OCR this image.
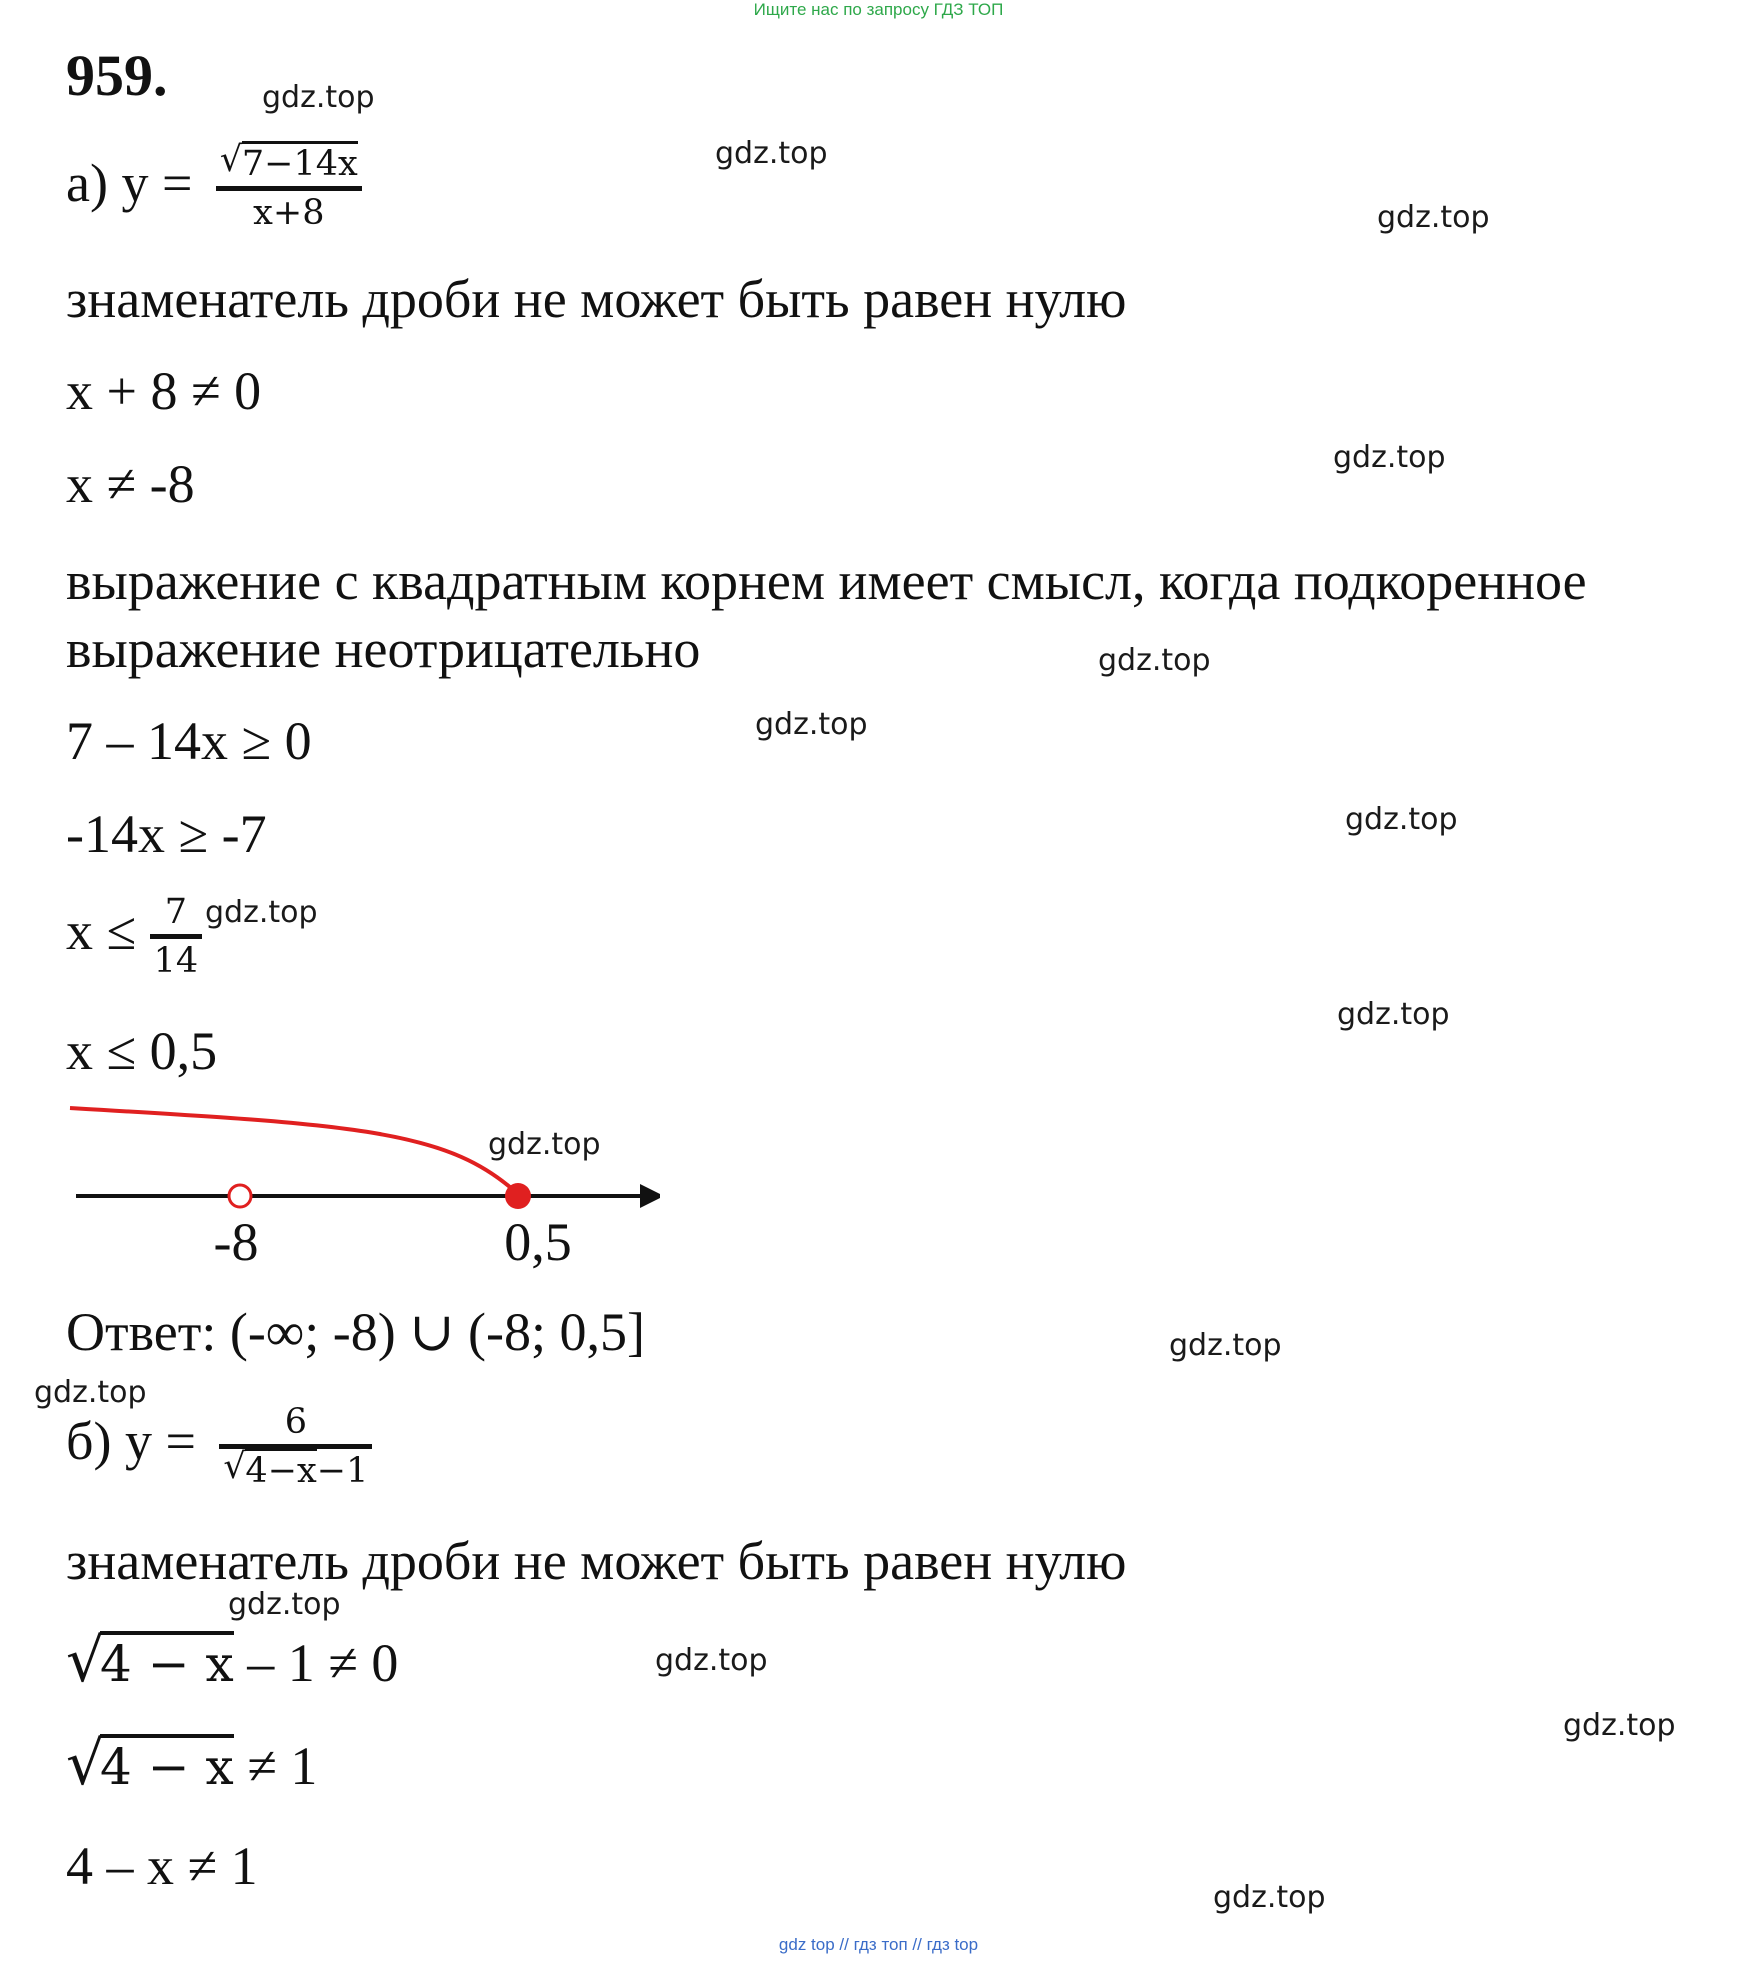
Ищите нас по запросу ГДЗ ТОП
959.
а) y = √ 7−14x
x+8
знаменатель дроби не может быть равен нулю
x + 8 ≠ 0
x ≠ -8
выражение с квадратным корнем имеет смысл, когда подкоренное
выражение неотрицательно
7 – 14x ≥ 0
-14x ≥ -7
x ≤ 7
14
x ≤ 0,5
-8	0,5
Ответ: (-∞; -8) ∪ (-8; 0,5]
б) y =	6
√ 4−x−1
знаменатель дроби не может быть равен нулю
√
4 − x – 1 ≠ 0
√
4 − x ≠ 1
4 – x ≠ 1
gdz.top
gdz.top
gdz.top
gdz.top
gdz.top
gdz.top
gdz.top
gdz.top
gdz.top
gdz.top
gdz.top
gdz.top
gdz.top
gdz.top
gdz.top
gdz.top
gdz top // гдз топ // гдз top
